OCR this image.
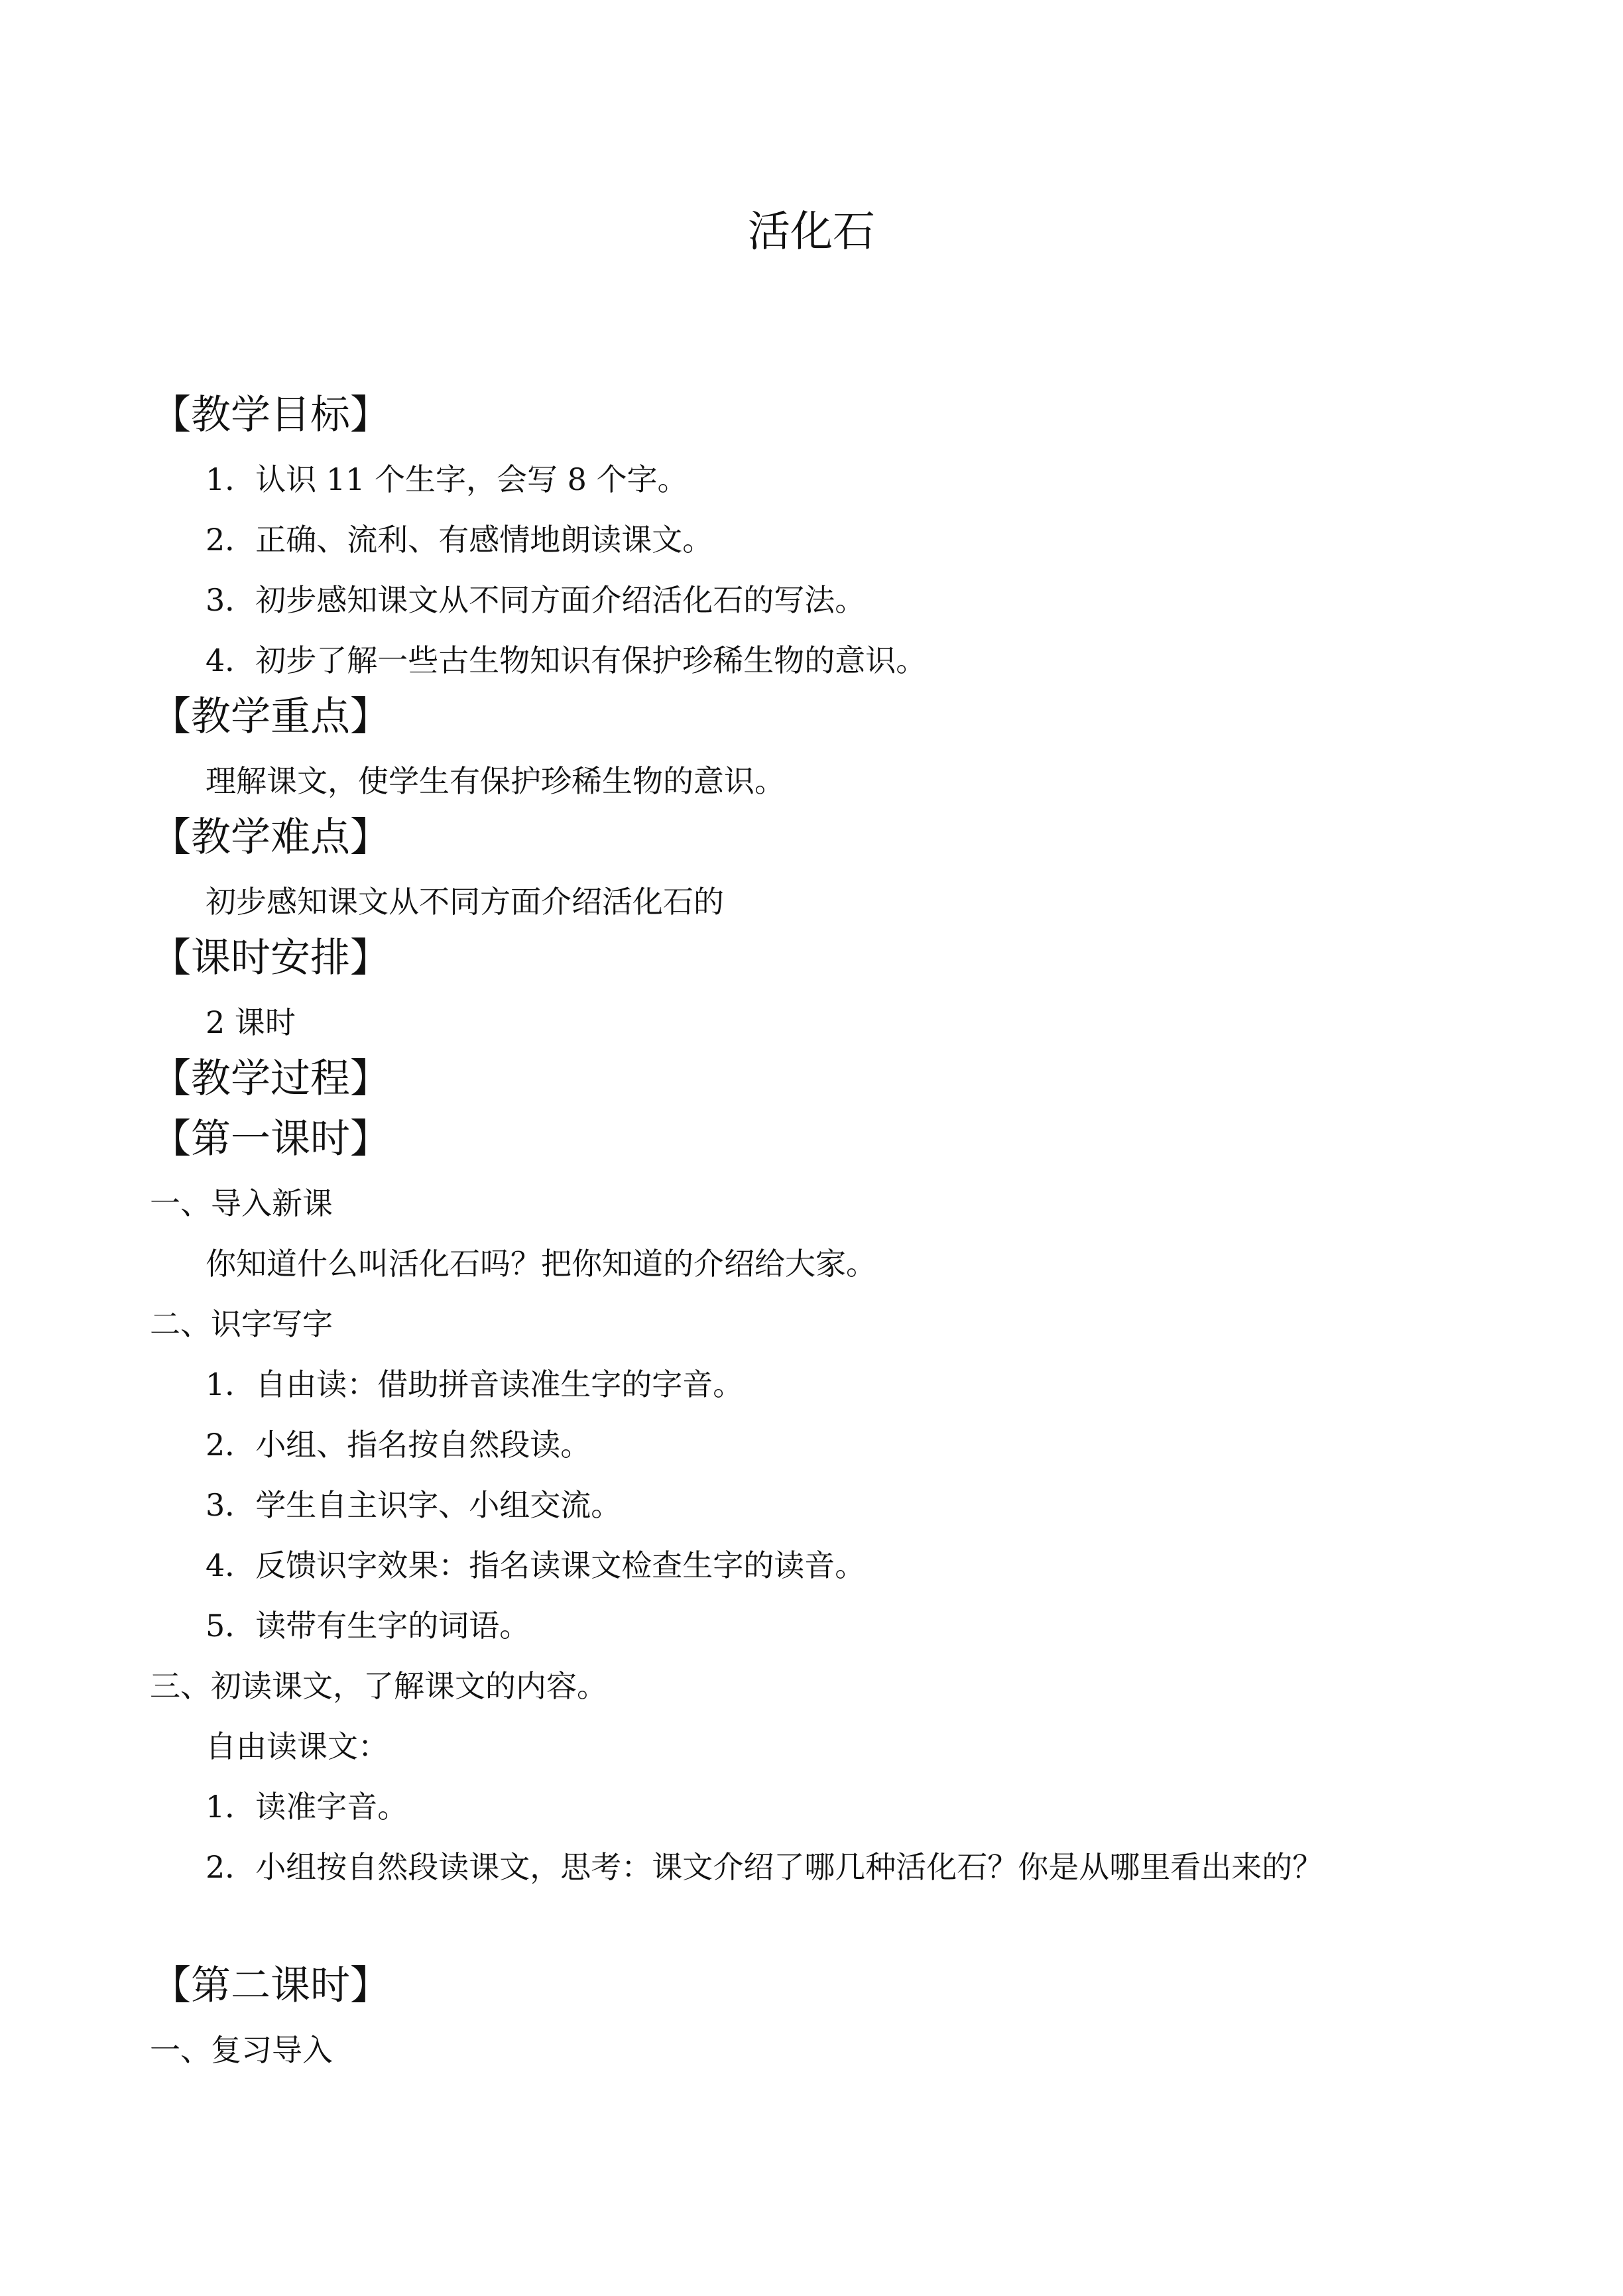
活化石
【教学目标】
1．认识 11 个生字，会写 8 个字。
2．正确、流利、有感情地朗读课文。
3．初步感知课文从不同方面介绍活化石的写法。
4．初步了解一些古生物知识有保护珍稀生物的意识。
【教学重点】
理解课文，使学生有保护珍稀生物的意识。
【教学难点】
初步感知课文从不同方面介绍活化石的
【课时安排】
2 课时
【教学过程】
【第一课时】
一、导入新课
你知道什么叫活化石吗？把你知道的介绍给大家。
二、识字写字
1．自由读：借助拼音读准生字的字音。
2．小组、指名按自然段读。
3．学生自主识字、小组交流。
4．反馈识字效果：指名读课文检查生字的读音。
5．读带有生字的词语。
三、初读课文，了解课文的内容。
自由读课文：
1．读准字音。
2．小组按自然段读课文，思考：课文介绍了哪几种活化石？你是从哪里看出来的？
【第二课时】
一、复习导入
